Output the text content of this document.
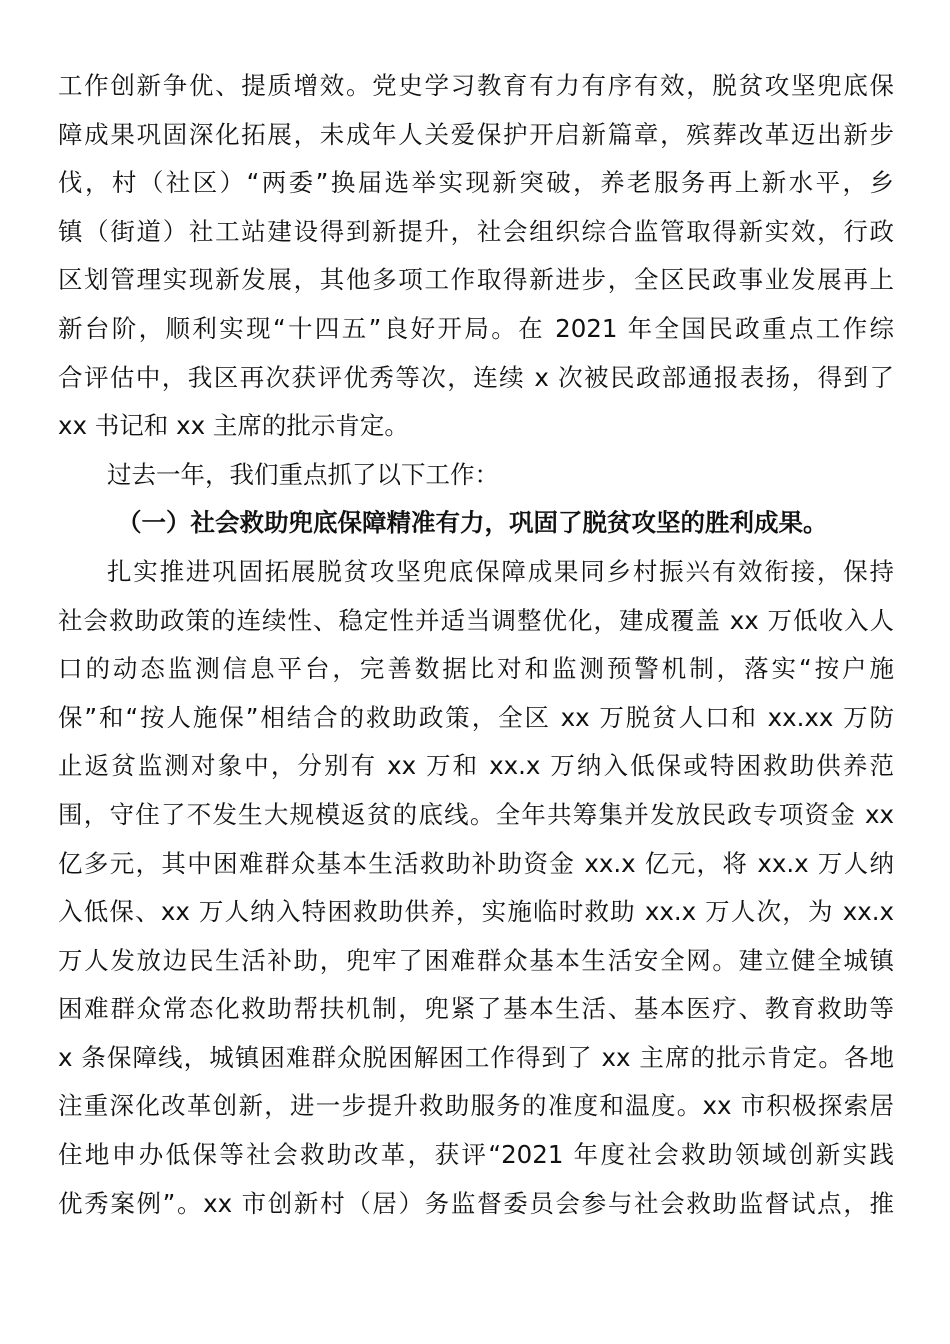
工作创新争优、提质增效。党史学习教育有力有序有效，脱贫攻坚兜底保
障成果巩固深化拓展，未成年人关爱保护开启新篇章，殡葬改革迈出新步
伐，村（社区）“两委”换届选举实现新突破，养老服务再上新水平，乡
镇（街道）社工站建设得到新提升，社会组织综合监管取得新实效，行政
区划管理实现新发展，其他多项工作取得新进步，全区民政事业发展再上
新台阶，顺利实现“十四五”良好开局。在 2021 年全国民政重点工作综
合评估中，我区再次获评优秀等次，连续 x 次被民政部通报表扬，得到了
xx 书记和 xx 主席的批示肯定。
过去一年，我们重点抓了以下工作：
（一）社会救助兜底保障精准有力，巩固了脱贫攻坚的胜利成果。
扎实推进巩固拓展脱贫攻坚兜底保障成果同乡村振兴有效衔接，保持
社会救助政策的连续性、稳定性并适当调整优化，建成覆盖 xx 万低收入人
口的动态监测信息平台，完善数据比对和监测预警机制，落实“按户施
保”和“按人施保”相结合的救助政策，全区 xx 万脱贫人口和 xx.xx 万防
止返贫监测对象中，分别有 xx 万和 xx.x 万纳入低保或特困救助供养范
围，守住了不发生大规模返贫的底线。全年共筹集并发放民政专项资金 xx
亿多元，其中困难群众基本生活救助补助资金 xx.x 亿元，将 xx.x 万人纳
入低保、xx 万人纳入特困救助供养，实施临时救助 xx.x 万人次，为 xx.x
万人发放边民生活补助，兜牢了困难群众基本生活安全网。建立健全城镇
困难群众常态化救助帮扶机制，兜紧了基本生活、基本医疗、教育救助等
x 条保障线，城镇困难群众脱困解困工作得到了 xx 主席的批示肯定。各地
注重深化改革创新，进一步提升救助服务的准度和温度。xx 市积极探索居
住地申办低保等社会救助改革，获评“2021 年度社会救助领域创新实践
优秀案例”。xx 市创新村（居）务监督委员会参与社会救助监督试点，推
